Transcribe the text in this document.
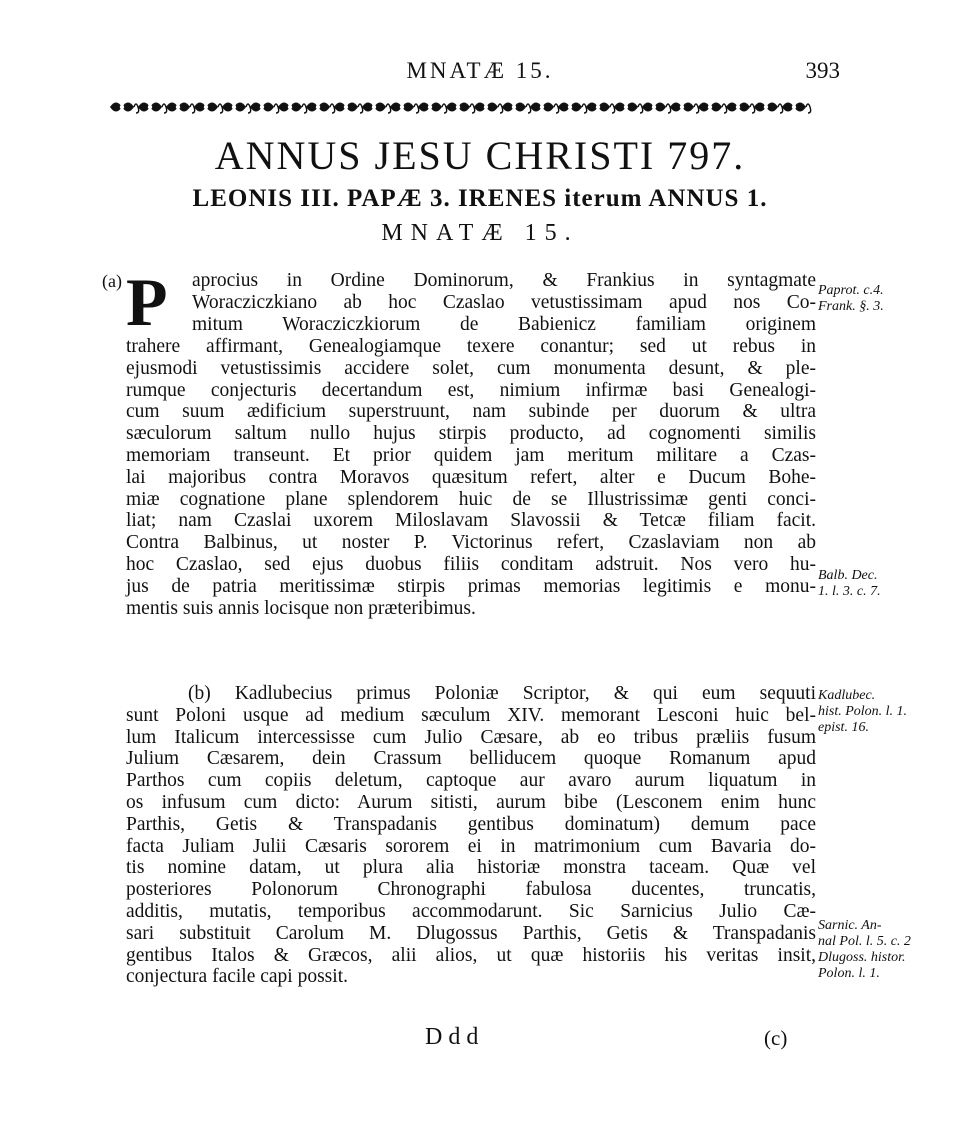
MNATÆ 15.	393
ANNUS JESU CHRISTI 797.
LEONIS III. PAPÆ 3. IRENES iterum ANNUS 1.
MNATÆ 15.
(a) P aprocius in Ordine Dominorum, & Frankius in syntagmate
Woracziczkiano ab hoc Czaslao vetustissimam apud nos Co-
mitum Woracziczkiorum de Babienicz familiam originem
trahere affirmant, Genealogiamque texere conantur; sed ut rebus in
ejusmodi vetustissimis accidere solet, cum monumenta desunt, & ple-
rumque conjecturis decertandum est, nimium infirmæ basi Genealogi-
cum suum ædificium superstruunt, nam subinde per duorum & ultra
sæculorum saltum nullo hujus stirpis producto, ad cognomenti similis
memoriam transeunt. Et prior quidem jam meritum militare a Czas-
lai majoribus contra Moravos quæsitum refert, alter e Ducum Bohe-
miæ cognatione plane splendorem huic de se Illustrissimæ genti conci-
liat; nam Czaslai uxorem Miloslavam Slavossii & Tetcæ filiam facit.
Contra Balbinus, ut noster P. Victorinus refert, Czaslaviam non ab
hoc Czaslao, sed ejus duobus filiis conditam adstruit. Nos vero hu-
jus de patria meritissimæ stirpis primas memorias legitimis e monu-
mentis suis annis locisque non præteribimus.
(b) Kadlubecius primus Poloniæ Scriptor, & qui eum sequuti
sunt Poloni usque ad medium sæculum XIV. memorant Lesconi huic bel-
lum Italicum intercessisse cum Julio Cæsare, ab eo tribus præliis fusum
Julium Cæsarem, dein Crassum belliducem quoque Romanum apud
Parthos cum copiis deletum, captoque aur avaro aurum liquatum in
os infusum cum dicto: Aurum sitisti, aurum bibe (Lesconem enim hunc
Parthis, Getis & Transpadanis gentibus dominatum) demum pace
facta Juliam Julii Cæsaris sororem ei in matrimonium cum Bavaria do-
tis nomine datam, ut plura alia historiæ monstra taceam. Quæ vel
posteriores Polonorum Chronographi fabulosa ducentes, truncatis,
additis, mutatis, temporibus accommodarunt. Sic Sarnicius Julio Cæ-
sari substituit Carolum M. Dlugossus Parthis, Getis & Transpadanis
gentibus Italos & Græcos, alii alios, ut quæ historiis his veritas insit,
conjectura facile capi possit.
Paprot. c.4.
Frank. §. 3.
Balb. Dec.
1. l. 3. c. 7.
Kadlubec.
hist. Polon. l. 1.
epist. 16.
Sarnic. An-
nal Pol. l. 5. c. 2
Dlugoss. histor.
Polon. l. 1.
Ddd	(c)
